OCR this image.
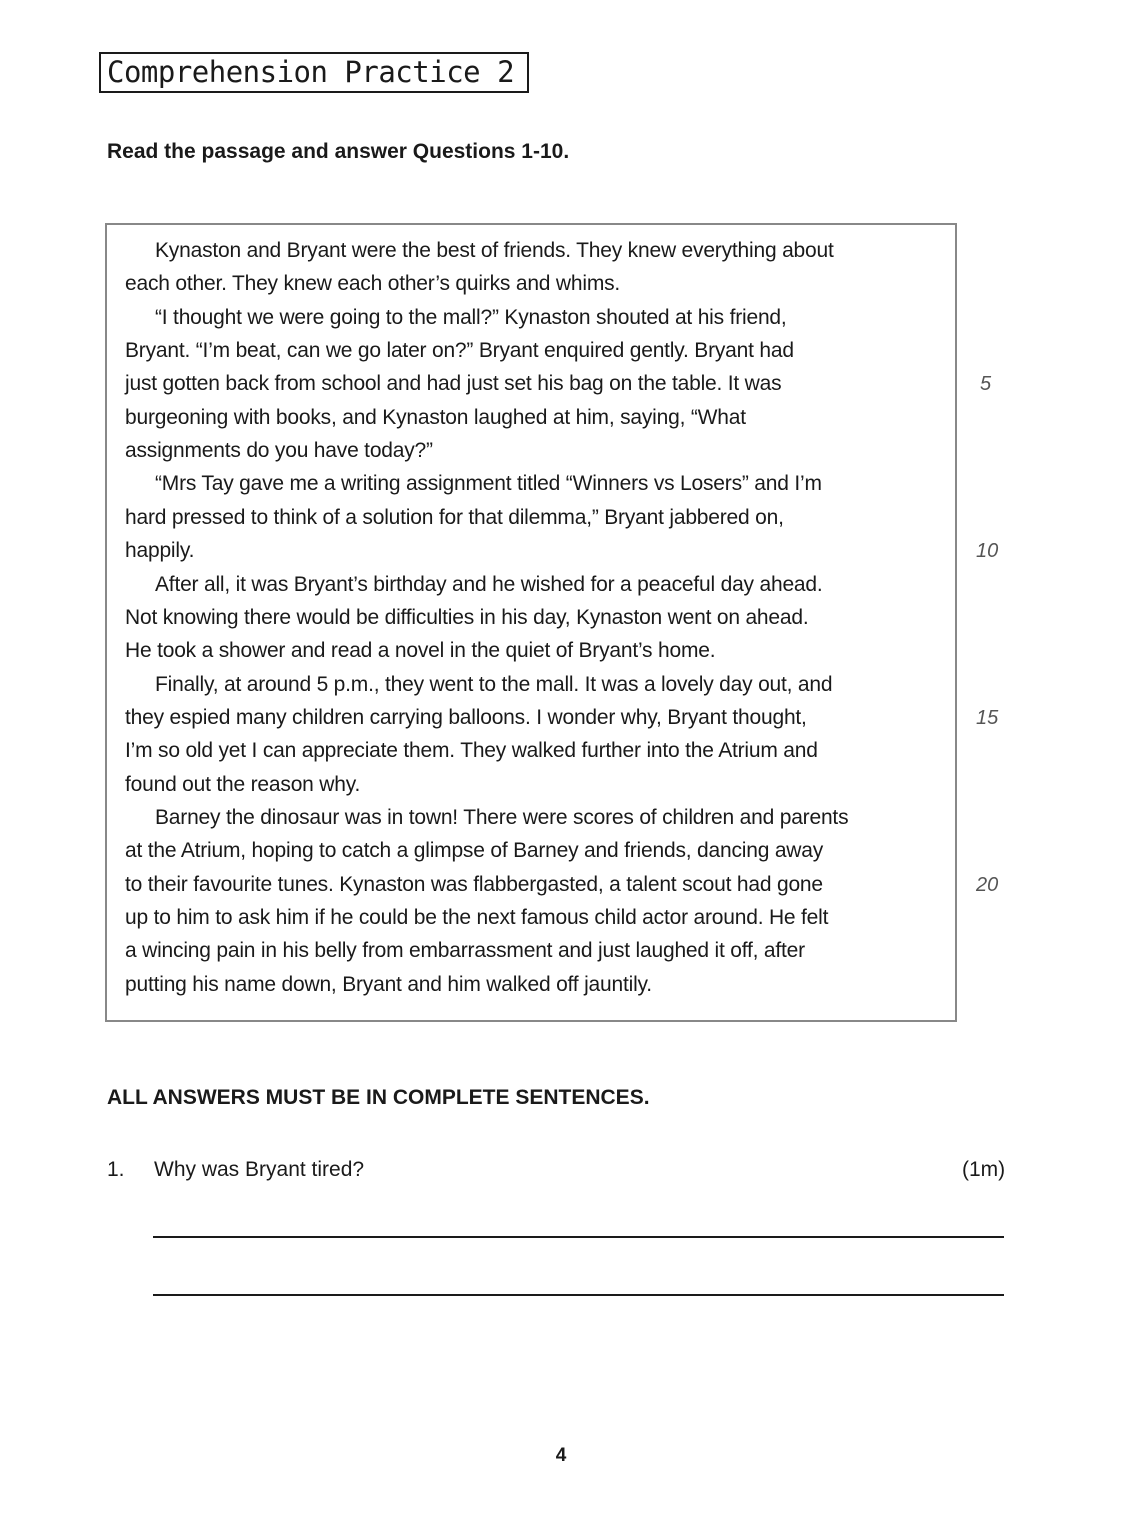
Comprehension Practice 2
Read the passage and answer Questions 1-10.
Kynaston and Bryant were the best of friends. They knew everything about
each other. They knew each other’s quirks and whims.
“I thought we were going to the mall?” Kynaston shouted at his friend,
Bryant. “I’m beat, can we go later on?” Bryant enquired gently. Bryant had
just gotten back from school and had just set his bag on the table. It was
burgeoning with books, and Kynaston laughed at him, saying, “What
assignments do you have today?”
“Mrs Tay gave me a writing assignment titled “Winners vs Losers” and I’m
hard pressed to think of a solution for that dilemma,” Bryant jabbered on,
happily.
After all, it was Bryant’s birthday and he wished for a peaceful day ahead.
Not knowing there would be difficulties in his day, Kynaston went on ahead.
He took a shower and read a novel in the quiet of Bryant’s home.
Finally, at around 5 p.m., they went to the mall. It was a lovely day out, and
they espied many children carrying balloons. I wonder why, Bryant thought,
I’m so old yet I can appreciate them. They walked further into the Atrium and
found out the reason why.
Barney the dinosaur was in town! There were scores of children and parents
at the Atrium, hoping to catch a glimpse of Barney and friends, dancing away
to their favourite tunes. Kynaston was flabbergasted, a talent scout had gone
up to him to ask him if he could be the next famous child actor around. He felt
a wincing pain in his belly from embarrassment and just laughed it off, after
putting his name down, Bryant and him walked off jauntily.
5
10
15
20
ALL ANSWERS MUST BE IN COMPLETE SENTENCES.
1. Why was Bryant tired?	(1m)
4
